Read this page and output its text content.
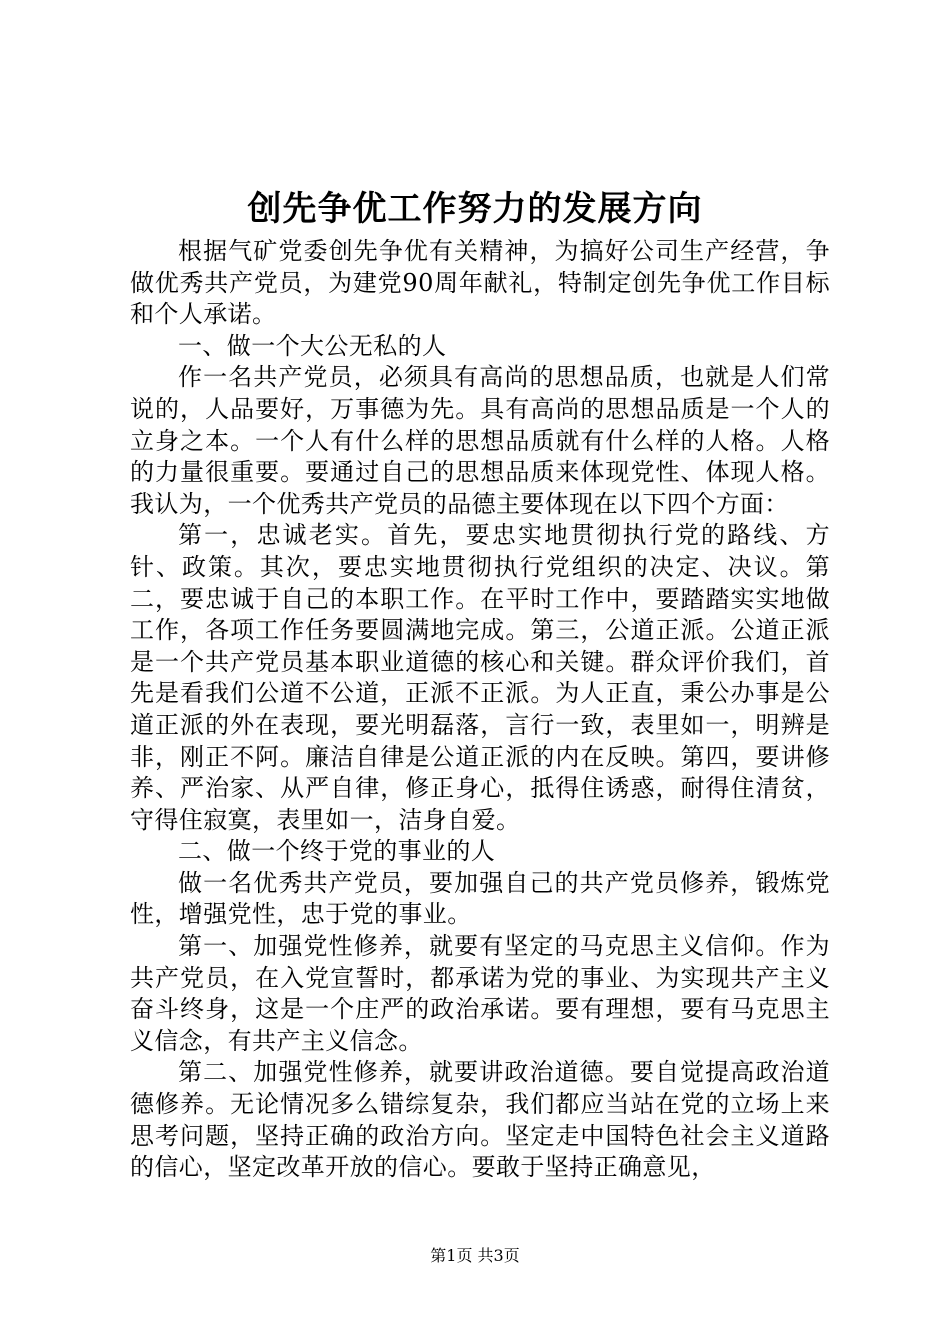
创先争优工作努力的发展方向

根据气矿党委创先争优有关精神，为搞好公司生产经营，争做优秀共产党员，为建党90周年献礼，特制定创先争优工作目标和个人承诺。

一、做一个大公无私的人

作一名共产党员，必须具有高尚的思想品质，也就是人们常说的，人品要好，万事德为先。具有高尚的思想品质是一个人的立身之本。一个人有什么样的思想品质就有什么样的人格。人格的力量很重要。要通过自己的思想品质来体现党性、体现人格。我认为，一个优秀共产党员的品德主要体现在以下四个方面：

第一，忠诚老实。首先，要忠实地贯彻执行党的路线、方针、政策。其次，要忠实地贯彻执行党组织的决定、决议。第二，要忠诚于自己的本职工作。在平时工作中，要踏踏实实地做工作，各项工作任务要圆满地完成。第三，公道正派。公道正派是一个共产党员基本职业道德的核心和关键。群众评价我们，首先是看我们公道不公道，正派不正派。为人正直，秉公办事是公道正派的外在表现，要光明磊落，言行一致，表里如一，明辨是非，刚正不阿。廉洁自律是公道正派的内在反映。第四，要讲修养、严治家、从严自律，修正身心，抵得住诱惑，耐得住清贫，守得住寂寞，表里如一，洁身自爱。

二、做一个终于党的事业的人

做一名优秀共产党员，要加强自己的共产党员修养，锻炼党性，增强党性，忠于党的事业。

第一、加强党性修养，就要有坚定的马克思主义信仰。作为共产党员，在入党宣誓时，都承诺为党的事业、为实现共产主义奋斗终身，这是一个庄严的政治承诺。要有理想，要有马克思主义信念，有共产主义信念。

第二、加强党性修养，就要讲政治道德。要自觉提高政治道德修养。无论情况多么错综复杂，我们都应当站在党的立场上来思考问题，坚持正确的政治方向。坚定走中国特色社会主义道路的信心，坚定改革开放的信心。要敢于坚持正确意见，

第1页 共3页
